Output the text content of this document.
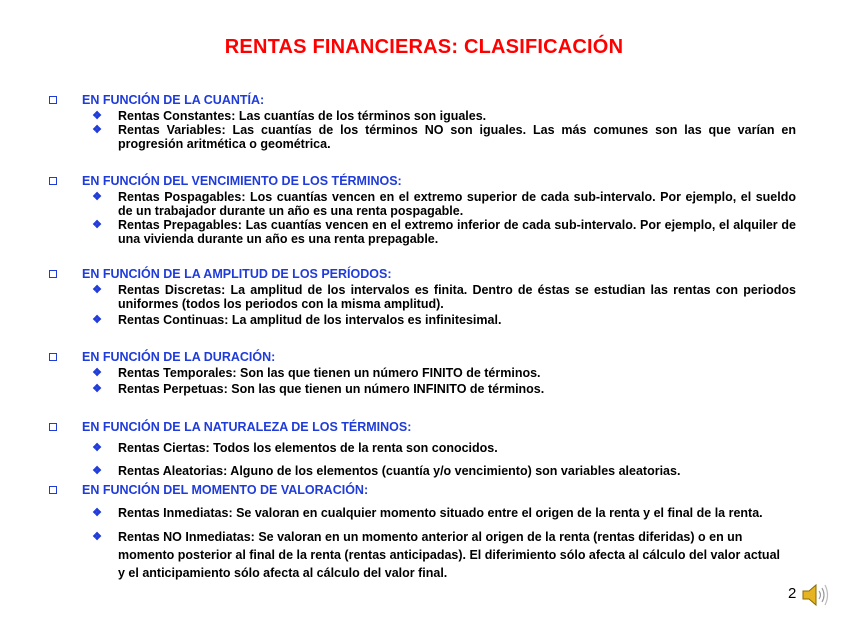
RENTAS FINANCIERAS: CLASIFICACIÓN
EN FUNCIÓN DE LA CUANTÍA:
❖ Rentas Constantes: Las cuantías de los términos son iguales.
❖ Rentas Variables: Las cuantías de los términos NO son iguales. Las más comunes son las que varían en progresión aritmética o geométrica.
EN FUNCIÓN DEL VENCIMIENTO DE LOS TÉRMINOS:
❖ Rentas Pospagables: Los cuantías vencen en el extremo superior de cada sub-intervalo. Por ejemplo, el sueldo de un trabajador durante un año es una renta pospagable.
❖ Rentas Prepagables: Las cuantías vencen en el extremo inferior de cada sub-intervalo. Por ejemplo, el alquiler de una vivienda durante un año es una renta prepagable.
EN FUNCIÓN DE LA AMPLITUD DE LOS PERÍODOS:
❖ Rentas Discretas: La amplitud de los intervalos es finita. Dentro de éstas se estudian las rentas con periodos uniformes (todos los periodos con la misma amplitud).
❖ Rentas Continuas: La amplitud de los intervalos es infinitesimal.
EN FUNCIÓN DE LA DURACIÓN:
❖ Rentas Temporales: Son las que tienen un número FINITO de términos.
❖ Rentas Perpetuas: Son las que tienen un número INFINITO de términos.
EN FUNCIÓN DE LA NATURALEZA DE LOS TÉRMINOS:
❖ Rentas Ciertas: Todos los elementos de la renta son conocidos.
❖ Rentas Aleatorias: Alguno de los elementos (cuantía y/o vencimiento) son variables aleatorias.
EN FUNCIÓN DEL MOMENTO DE VALORACIÓN:
❖ Rentas Inmediatas: Se valoran en cualquier momento situado entre el origen de la renta y el final de la renta.
❖ Rentas NO Inmediatas: Se valoran en un momento anterior al origen de la renta (rentas diferidas) o en un momento posterior al final de la renta (rentas anticipadas). El diferimiento sólo afecta al cálculo del valor actual y el anticipamiento sólo afecta al cálculo del valor final.
2
